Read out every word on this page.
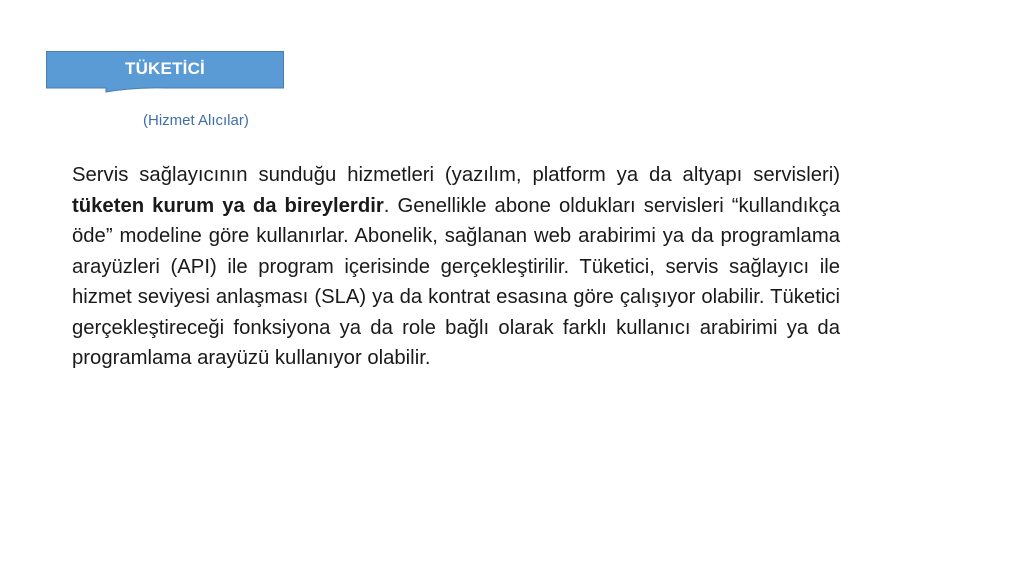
TÜKETİCİ
(Hizmet Alıcılar)

Servis sağlayıcının sunduğu hizmetleri (yazılım, platform ya da altyapı servisleri) tüketen kurum ya da bireylerdir. Genellikle abone oldukları servisleri “kullandıkça öde” modeline göre kullanırlar. Abonelik, sağlanan web arabirimi ya da programlama arayüzleri (API) ile program içerisinde gerçekleştirilir. Tüketici, servis sağlayıcı ile hizmet seviyesi anlaşması (SLA) ya da kontrat esasına göre çalışıyor olabilir. Tüketici gerçekleştireceği fonksiyona ya da role bağlı olarak farklı kullanıcı arabirimi ya da programlama arayüzü kullanıyor olabilir.
